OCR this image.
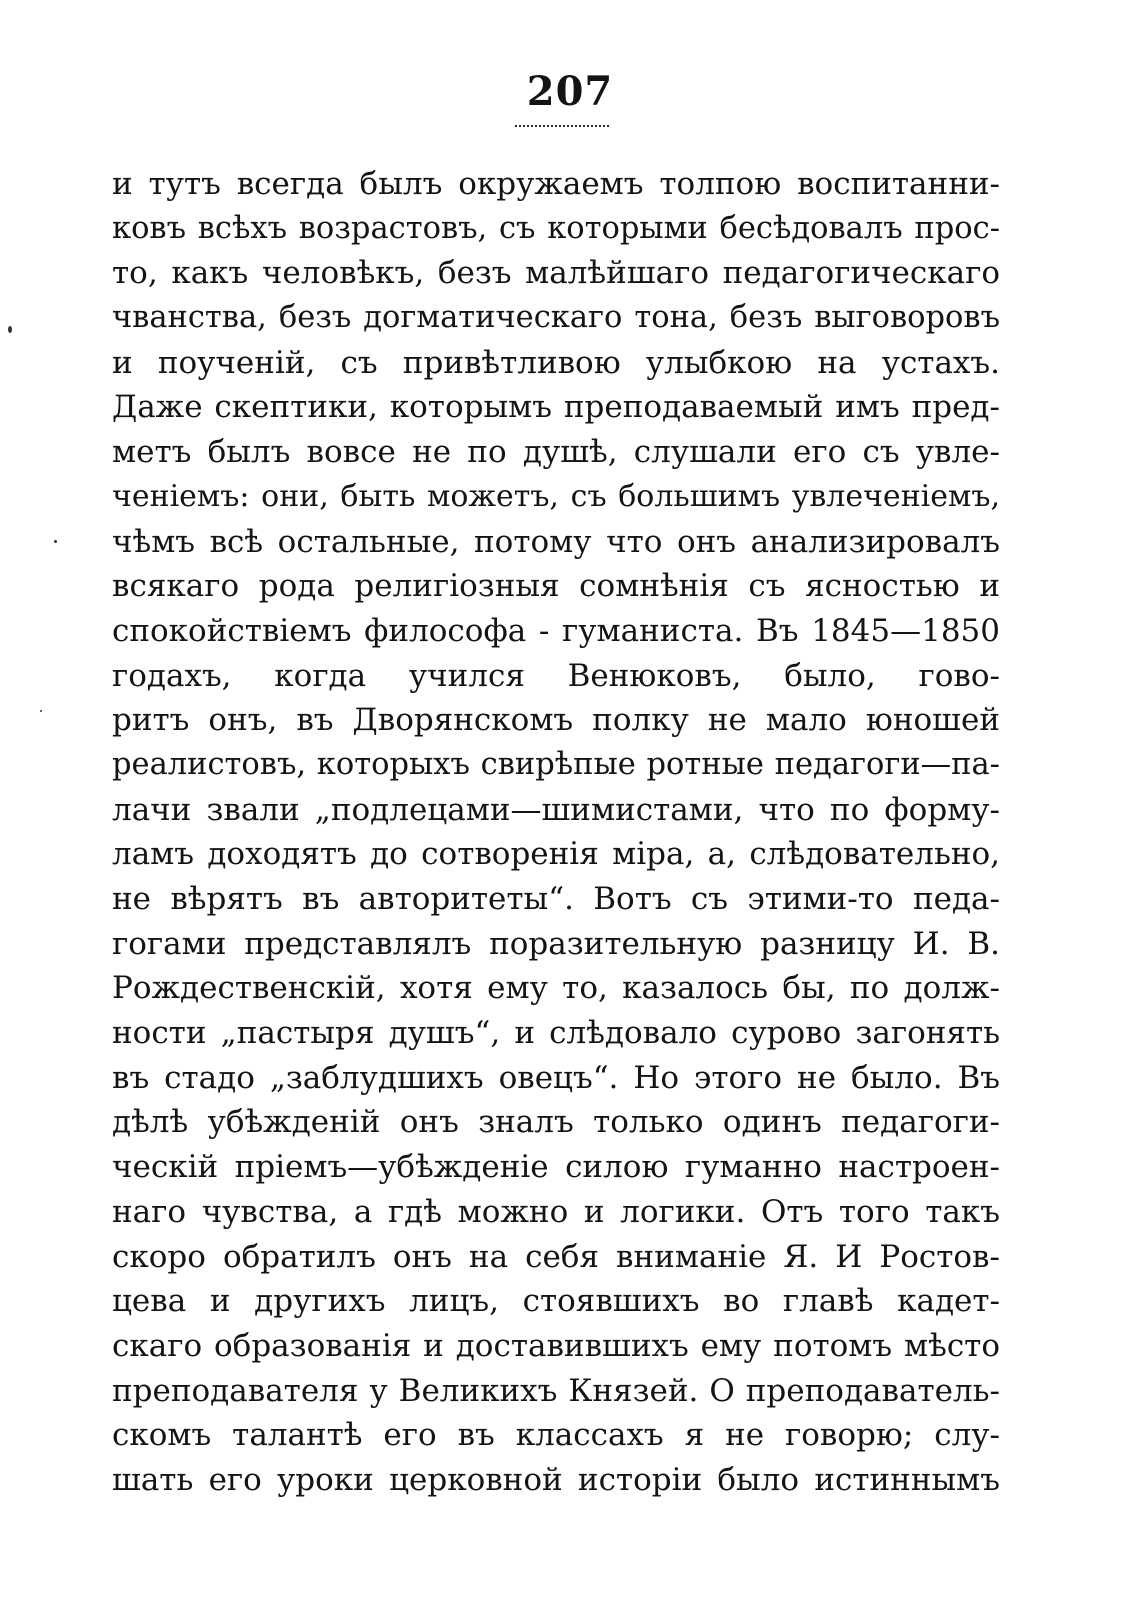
207
и тутъ всегда былъ окружаемъ толпою воспитанни-
ковъ всѣхъ возрастовъ, съ которыми бесѣдовалъ прос-
то, какъ человѣкъ, безъ малѣйшаго педагогическаго
чванства, безъ догматическаго тона, безъ выговоровъ
и поученій, съ привѣтливою улыбкою на устахъ.
Даже скептики, которымъ преподаваемый имъ пред-
метъ былъ вовсе не по душѣ, слушали его съ увле-
ченіемъ: они, быть можетъ, съ большимъ увлеченіемъ,
чѣмъ всѣ остальные, потому что онъ анализировалъ
всякаго рода религіозныя сомнѣнія съ ясностью и
спокойствіемъ философа - гуманиста. Въ 1845—1850
годахъ, когда учился Венюковъ, было, гово-
ритъ онъ, въ Дворянскомъ полку не мало юношей
реалистовъ, которыхъ свирѣпые ротные педагоги—па-
лачи звали „подлецами—шимистами, что по форму-
ламъ доходятъ до сотворенія міра, а, слѣдовательно,
не вѣрятъ въ авторитеты“. Вотъ съ этими-то педа-
гогами представлялъ поразительную разницу И. В.
Рождественскій, хотя ему то, казалось бы, по долж-
ности „пастыря душъ“, и слѣдовало сурово загонять
въ стадо „заблудшихъ овецъ“. Но этого не было. Въ
дѣлѣ убѣжденій онъ зналъ только одинъ педагоги-
ческій пріемъ—убѣжденіе силою гуманно настроен-
наго чувства, а гдѣ можно и логики. Отъ того такъ
скоро обратилъ онъ на себя вниманіе Я. И Ростов-
цева и другихъ лицъ, стоявшихъ во главѣ кадет-
скаго образованія и доставившихъ ему потомъ мѣсто
преподавателя у Великихъ Князей. О преподаватель-
скомъ талантѣ его въ классахъ я не говорю; слу-
шать его уроки церковной исторіи было истиннымъ
